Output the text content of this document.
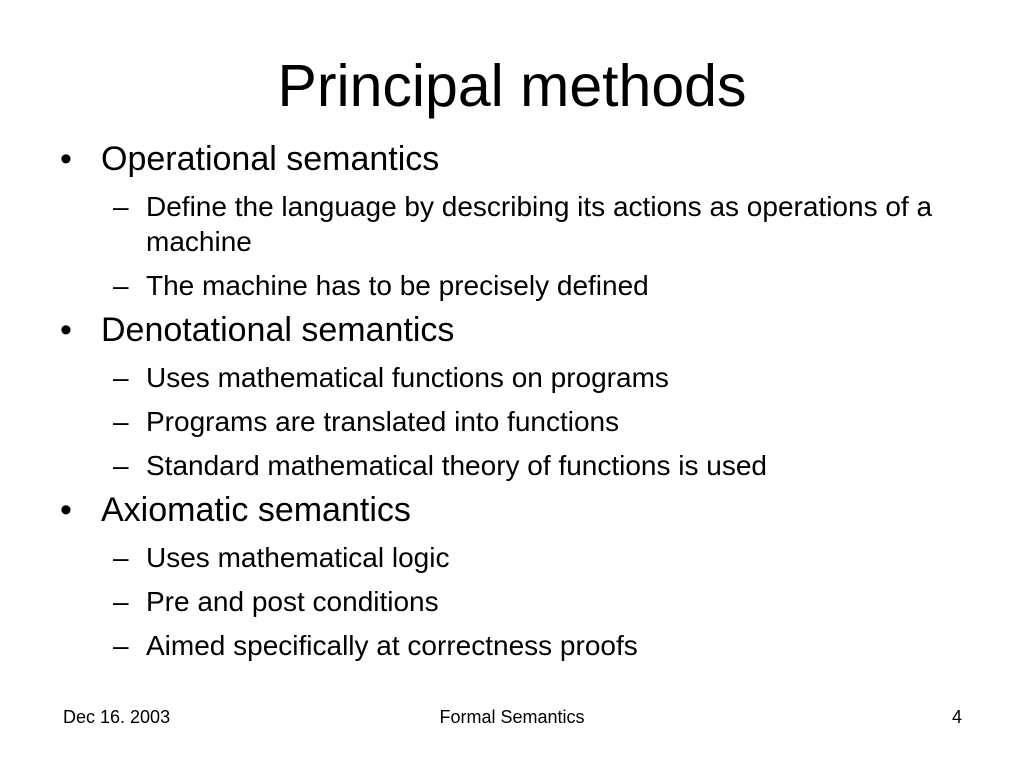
Principal methods
• Operational semantics
– Define the language by describing its actions as operations of a machine
– The machine has to be precisely defined
• Denotational semantics
– Uses mathematical functions on programs
– Programs are translated into functions
– Standard mathematical theory of functions is used
• Axiomatic semantics
– Uses mathematical logic
– Pre and post conditions
– Aimed specifically at correctness proofs
Dec 16. 2003	Formal Semantics	4
